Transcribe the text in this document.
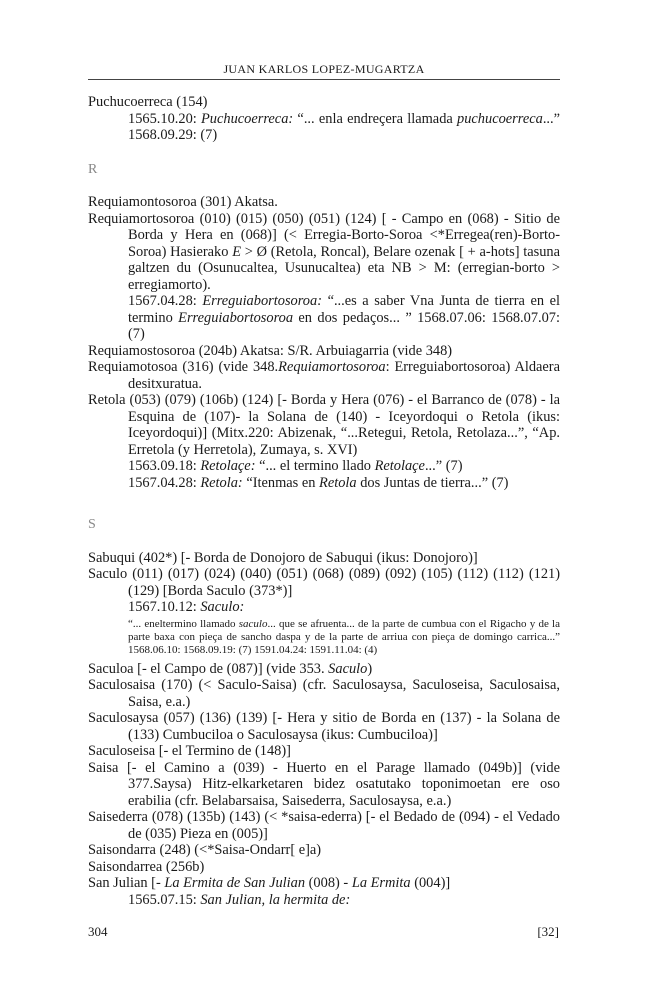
JUAN KARLOS LOPEZ-MUGARTZA

Puchucoerreca (154)

1565.10.20: Puchucoerreca: “... enla endreçera llamada puchucoerreca...” 1568.09.29: (7)

R

Requiamontosoroa (301) Akatsa.

Requiamortosoroa (010) (015) (050) (051) (124) [ - Campo en (068) - Sitio de Borda y Hera en (068)] (< Erregia-Borto-Soroa <*Erregea(ren)-Borto-Soroa) Hasierako E > Ø (Retola, Roncal), Belare ozenak [ + a-hots] tasuna galtzen du (Osunucaltea, Usunucaltea) eta NB > M: (erregian-borto > erregiamorto).

1567.04.28: Erreguiabortosoroa: “...es a saber Vna Junta de tierra en el termino Erreguiabortosoroa en dos pedaços... ” 1568.07.06: 1568.07.07: (7)

Requiamostosoroa (204b) Akatsa: S/R. Arbuiagarria (vide 348)

Requiamotosoa (316) (vide 348.Requiamortosoroa: Erreguiabortosoroa) Aldaera desitxuratua.

Retola (053) (079) (106b) (124) [- Borda y Hera (076) - el Barranco de (078) - la Esquina de (107)- la Solana de (140) - Iceyordoqui o Retola (ikus: Iceyordoqui)] (Mitx.220: Abizenak, “...Retegui, Retola, Retolaza...”, “Ap. Erretola (y Herretola), Zumaya, s. XVI)

1563.09.18: Retolaçe: “... el termino llado Retolaçe...” (7)

1567.04.28: Retola: “Itenmas en Retola dos Juntas de tierra...” (7)

S

Sabuqui (402*) [- Borda de Donojoro de Sabuqui (ikus: Donojoro)]

Saculo (011) (017) (024) (040) (051) (068) (089) (092) (105) (112) (112) (121) (129) [Borda Saculo (373*)]

1567.10.12: Saculo:

“... eneltermino llamado saculo... que se afruenta... de la parte de cumbua con el Rigacho y de la parte baxa con pieça de sancho daspa y de la parte de arriua con pieça de domingo carrica...” 1568.06.10: 1568.09.19: (7) 1591.04.24: 1591.11.04: (4)

Saculoa [- el Campo de (087)] (vide 353. Saculo)

Saculosaisa (170) (< Saculo-Saisa) (cfr. Saculosaysa, Saculoseisa, Saculosaisa, Saisa, e.a.)

Saculosaysa (057) (136) (139) [- Hera y sitio de Borda en (137) - la Solana de (133) Cumbuciloa o Saculosaysa (ikus: Cumbuciloa)]

Saculoseisa [- el Termino de (148)]

Saisa [- el Camino a (039) - Huerto en el Parage llamado (049b)] (vide 377.Saysa) Hitz-elkarketaren bidez osatutako toponimoetan ere oso erabilia (cfr. Belabarsaisa, Saisederra, Saculosaysa, e.a.)

Saisederra (078) (135b) (143) (< *saisa-ederra) [- el Bedado de (094) - el Vedado de (035) Pieza en (005)]

Saisondarra (248) (<*Saisa-Ondarr[ e]a)

Saisondarrea (256b)

San Julian [- La Ermita de San Julian (008) - La Ermita (004)]

1565.07.15: San Julian, la hermita de:

304	[32]
